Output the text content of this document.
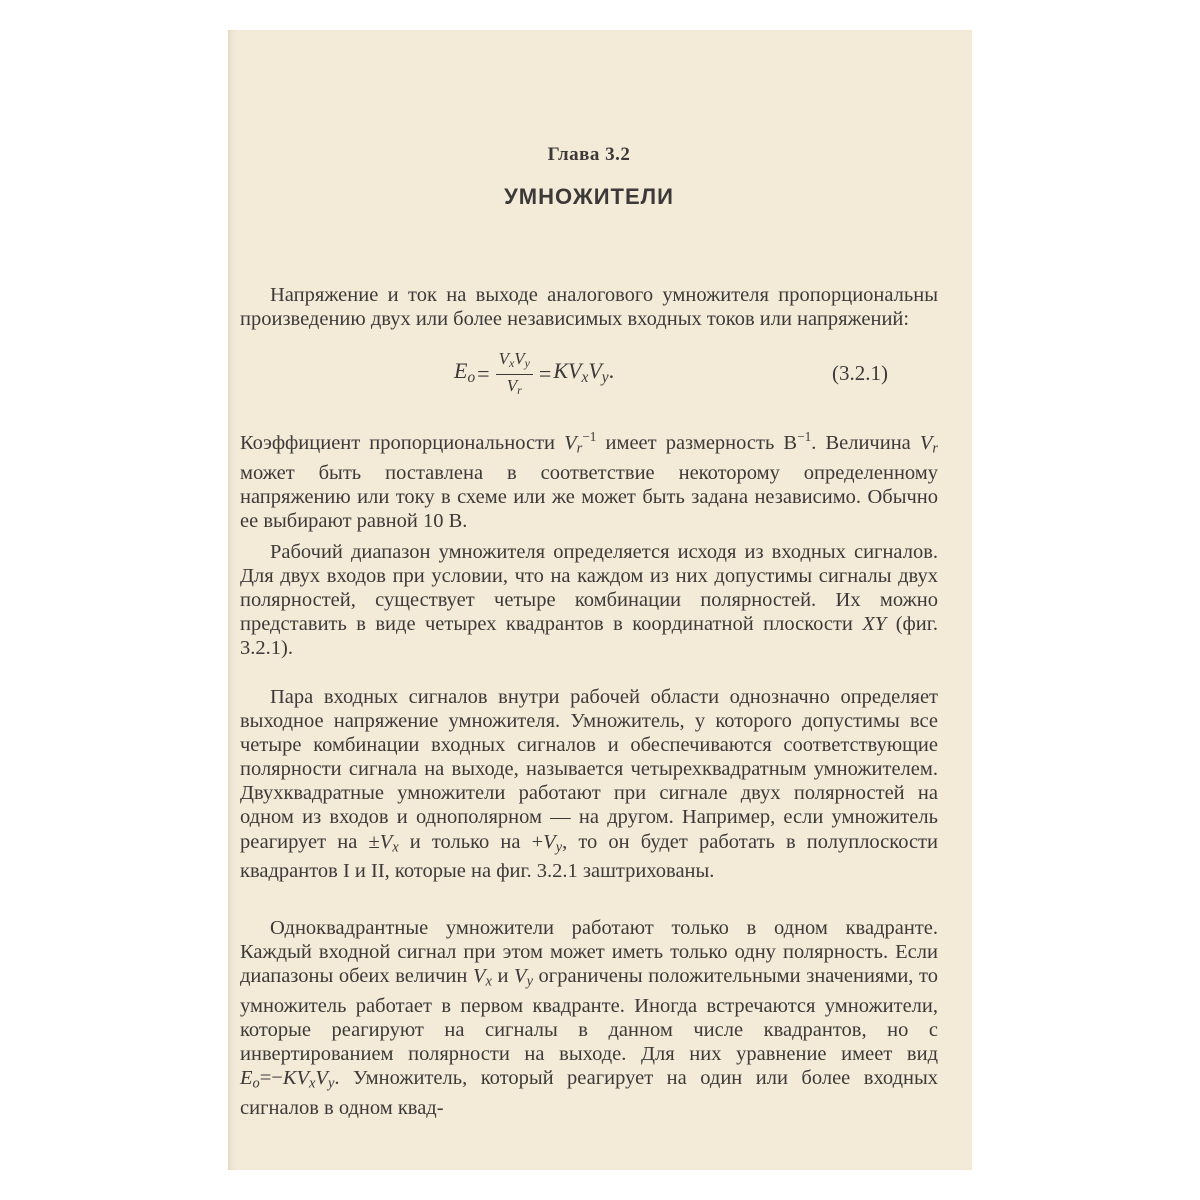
Глава 3.2
УМНОЖИТЕЛИ

Напряжение и ток на выходе аналогового умножителя пропорциональны произведению двух или более независимых входных токов или напряжений:

$E_o = \frac{V_xV_y}{V_r} = KV_xV_y$.	(3.2.1)

Коэффициент пропорциональности $V_r^{-1}$ имеет размерность $В^{-1}$. Величина $V_r$ может быть поставлена в соответствие некоторому определенному напряжению или току в схеме или же может быть задана независимо. Обычно ее выбирают равной 10 В.

Рабочий диапазон умножителя определяется исходя из входных сигналов. Для двух входов при условии, что на каждом из них допустимы сигналы двух полярностей, существует четыре комбинации полярностей. Их можно представить в виде четырех квадрантов в координатной плоскости XY (фиг. 3.2.1).

Пара входных сигналов внутри рабочей области однозначно определяет выходное напряжение умножителя. Умножитель, у которого допустимы все четыре комбинации входных сигналов и обеспечиваются соответствующие полярности сигнала на выходе, называется четырехквадратным умножителем. Двухквадратные умножители работают при сигнале двух полярностей на одном из входов и однополярном — на другом. Например, если умножитель реагирует на $\pm V_x$ и только на $+V_y$, то он будет работать в полуплоскости квадрантов I и II, которые на фиг. 3.2.1 заштрихованы.

Одноквадрантные умножители работают только в одном квадранте. Каждый входной сигнал при этом может иметь только одну полярность. Если диапазоны обеих величин $V_x$ и $V_y$ ограничены положительными значениями, то умножитель работает в первом квадранте. Иногда встречаются умножители, которые реагируют на сигналы в данном числе квадрантов, но с инвертированием полярности на выходе. Для них уравнение имеет вид $E_o=-KV_xV_y$. Умножитель, который реагирует на один или более входных сигналов в одном квад-
